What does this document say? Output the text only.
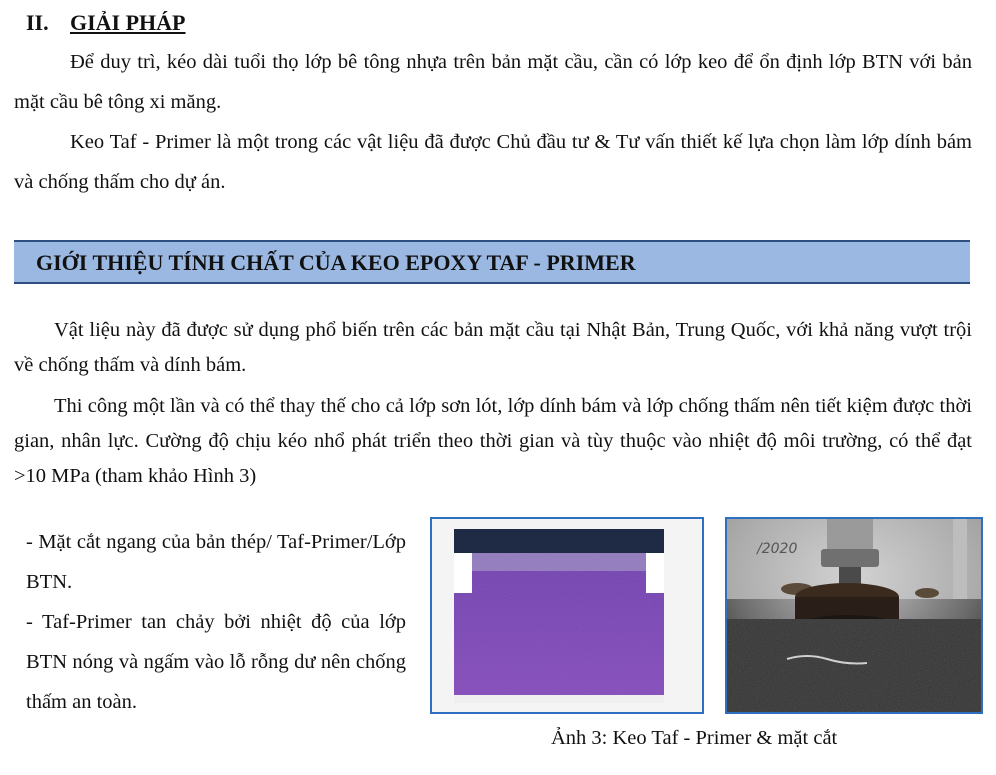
II. GIẢI PHÁP

Để duy trì, kéo dài tuổi thọ lớp bê tông nhựa trên bản mặt cầu, cần có lớp keo để ổn định lớp BTN với bản mặt cầu bê tông xi măng.

Keo Taf - Primer là một trong các vật liệu đã được Chủ đầu tư & Tư vấn thiết kế lựa chọn làm lớp dính bám và chống thấm cho dự án.

GIỚI THIỆU TÍNH CHẤT CỦA KEO EPOXY TAF - PRIMER

Vật liệu này đã được sử dụng phổ biến trên các bản mặt cầu tại Nhật Bản, Trung Quốc, với khả năng vượt trội về chống thấm và dính bám.

Thi công một lần và có thể thay thế cho cả lớp sơn lót, lớp dính bám và lớp chống thấm nên tiết kiệm được thời gian, nhân lực. Cường độ chịu kéo nhổ phát triển theo thời gian và tùy thuộc vào nhiệt độ môi trường, có thể đạt >10 MPa (tham khảo Hình 3)

- Mặt cắt ngang của bản thép/ Taf-Primer/Lớp BTN.

- Taf-Primer tan chảy bởi nhiệt độ của lớp BTN nóng và ngấm vào lỗ rỗng dư nên chống thấm an toàn.

/2020
Ảnh 3: Keo Taf - Primer & mặt cắt
